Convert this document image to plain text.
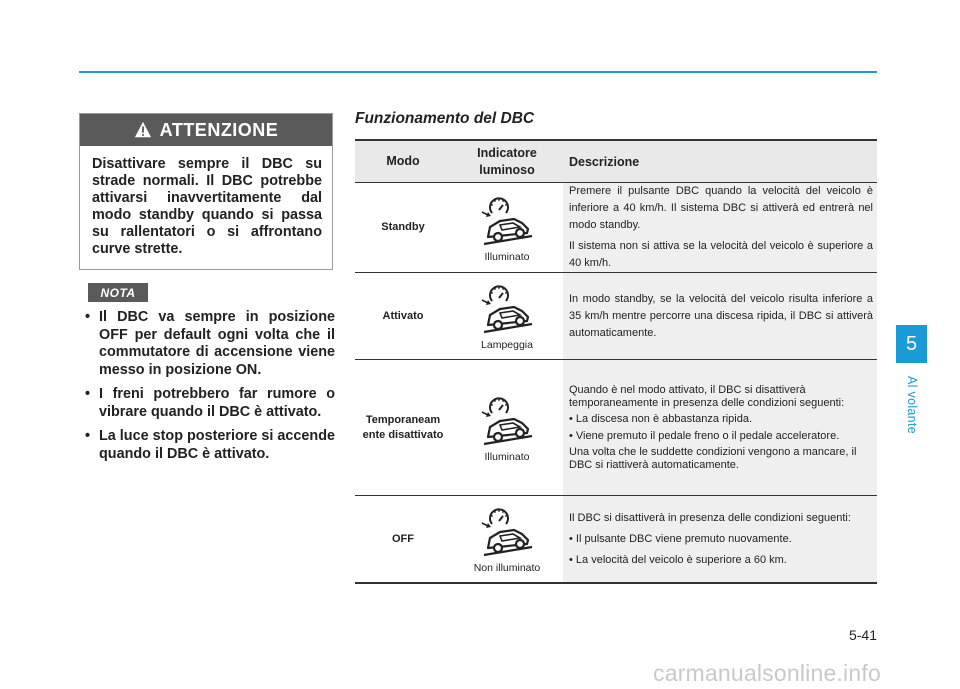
ATTENZIONE
Disattivare sempre il DBC su strade normali. Il DBC potrebbe attivarsi inavvertitamente dal modo standby quando si passa su rallentatori o si affrontano curve strette.
NOTA
• Il DBC va sempre in posizione OFF per default ogni volta che il commutatore di accensione viene messo in posizione ON.
• I freni potrebbero far rumore o vibrare quando il DBC è attivato.
• La luce stop posteriore si accende quando il DBC è attivato.
Funzionamento del DBC
Modo	Indicatore luminoso	Descrizione
Standby	Illuminato	Premere il pulsante DBC quando la velocità del veicolo è inferiore a 40 km/h. Il sistema DBC si attiverà ed entrerà nel modo standby.

Il sistema non si attiva se la velocità del veicolo è superiore a 40 km/h.

Attivato	Lampeggia	In modo standby, se la velocità del veicolo risulta inferiore a 35 km/h mentre percorre una discesa ripida, il DBC si attiverà automaticamente.

Temporaneam ente disattivato	Illuminato	Quando è nel modo attivato, il DBC si disattiverà temporaneamente in presenza delle condizioni seguenti:

• La discesa non è abbastanza ripida.

• Viene premuto il pedale freno o il pedale acceleratore.

Una volta che le suddette condizioni vengono a mancare, il DBC si riattiverà automaticamente.

OFF	Non illuminato	Il DBC si disattiverà in presenza delle condizioni seguenti:

• Il pulsante DBC viene premuto nuovamente.

• La velocità del veicolo è superiore a 60 km.

5
Al volante
5-41
carmanualsonline.info
